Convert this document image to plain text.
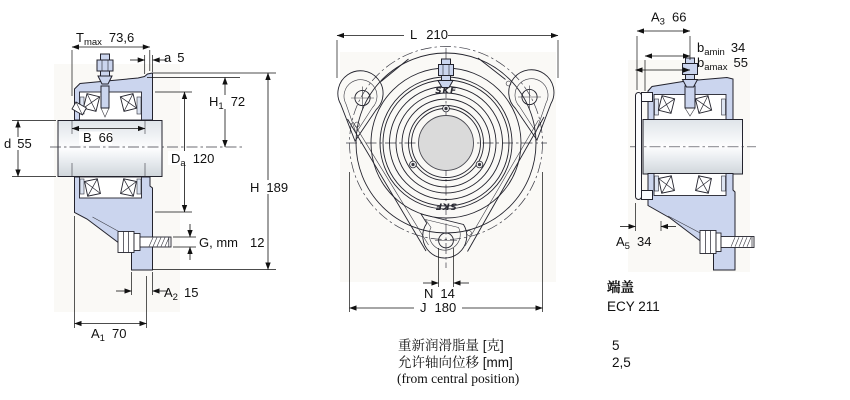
$T_{max}$ 73,6
a 5
$H_1$ 72
$D_a$ 120
H 189
d 55	B 66
G, mm 12
$A_2$ 15
$A_1$ 70
SKF
SKF
L 210
N 14
J 180
$A_3$ 66
$b_{amin}$ 34
$b_{amax}$ 55
$A_5$ 34
端盖
ECY 211
重新润滑脂量 [克]	5
允许轴向位移 [mm]	2,5
(from central position)
